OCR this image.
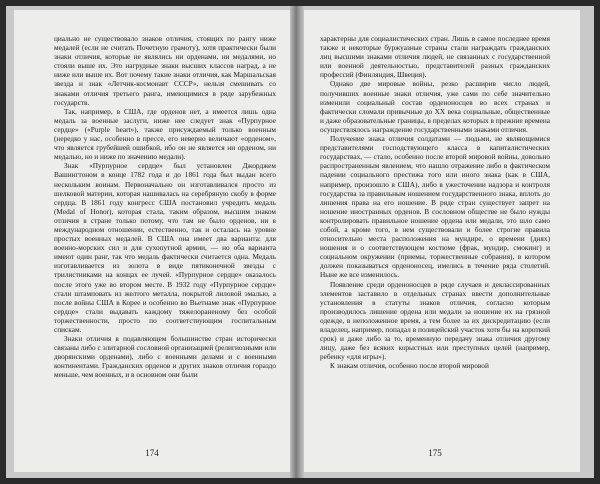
циально не существовало знаков отличия, стоящих по рангу ниже медалей (если не считать Почетную грамоту), хотя практически были знаки отличия, которые не являлись ни орденами, ни медалями, но стояли выше их. Это нагрудные знаки высших классов наград, а не ниже или выше их. Вот почему такие знаки отличия, как Маршальская звезда и знак «Летчик-космонавт СССР», нельзя смешивать со знаками отличия третьего ранга, имеющимися в ряде зарубежных государств.

Так, например, в США, где орденов нет, а имеется лишь одна медаль за военные заслуги, ниже нее следует знак «Пурпурное сердце» («Purple heart»), также присуждаемый только военным (нередко у нас, особенно в прессе, его неверно величают «орденом», что является грубейшей ошибкой, ибо он не является ни орденом, ни медалью, но и ниже по значению медали).

Знак «Пурпурное сердце» был установлен Джорджем Вашингтоном в конце 1782 года и до 1861 года был выдан всего нескольким воинам. Первоначально он изготавливался просто из шелковой материи, которая нашивалась на серебряную скобу в форме сердца. В 1861 году конгресс США постановил учредить медаль (Medal of Honor), которая стала, таким образом, высшим знаком отличия в стране только потому, что там не было орденов, ни в международном отношении, естественно, так и осталась на уровне простых военных медалей. В США она имеет два варианта: для военно-морских сил и для сухопутной армии, — но оба варианта имеют один ранг, так что медаль фактически считается одна. Медаль изготавливается из золота в виде пятиконечной звезды с трилистниками на концах ее лучей. «Пурпурное сердце» оказалось после этого уже во втором месте. В 1932 году «Пурпурное сердце» стали штамповать из желтого металла, покрытой лиловой эмалью, а после войны США в Корее и особенно во Вьетнаме знак «Пурпурное сердце» стали выдавать каждому тяжелораненому без особой торжественности, просто по соответствующим госпитальным спискам.

Знаки отличия в подавляющем большинстве стран исторически связаны либо с элитарной сословной организацией (религиозными или дворянскими орденами), либо с военными делами и с военными континентами. Гражданских орденов и других знаков отличия гораздо меньше, чем военных, и в основном они были

174

характерны для социалистических стран. Лишь в самое последнее время также и некоторые буржуазные страны стали награждать гражданских лиц высшими знаками отличия людей, не связанных с государственной или военной деятельностью, представителей разных гражданских профессий (Финляндия, Швеция).

Однако две мировые войны, резко расширив число людей, получивших военные знаки отличия, уже сами по себе значительно изменили социальный состав орденоносцев во всех странах и фактически сломали привычные до XX века социальные, общественные и даже образовательные границы, в пределах которых в прежние времена осуществлялось награждение государственными знаками отличия.

Получение знака отличия солдатами — людьми, не являющимися представителями господствующего класса в капиталистических государствах, — стало, особенно после второй мировой войны, довольно распространенным явлением, что нашло отражение либо в фактическом падении социального престижа того или иного знака (как в США, например, произошло в США), либо в ужесточении надзора и контроля государства за правильным ношением государственного знака, вплоть до лишения права на его ношение. В ряде стран существует запрет на ношение иностранных орденов. В сословном обществе не было нужды контролировать правильное ношение ордена или медали, это шло само собой, а кроме того, в нем существовали и более строгие правила относительно места расположения на мундире, о времени (днях) ношения и о соответствующем костюме (фрак, мундир, смокинг) и социальном окружении (приемы, торжественные собрания), в котором должен показываться орденоносец, имелись в течение ряда столетий. Ныне же все изменилось.

Появление среди орденоносцев в ряде случаев и деклассированных элементов заставило в отдельных странах ввести дополнительные установления в статуты знаков отличия, согласно которым производилось лишение ордена или медали за ношение их на грязной одежде, в неположенное время, а тем более за их дискредитацию (если владелец, например, попадал в полицейский участок хотя бы на короткий срок) и даже либо за то, временную передачу знака отличия другому лицу, даже без всяких корыстных или преступных целей (например, ребенку «для игры»).

К знакам отличия, особенно после второй мировой

175
